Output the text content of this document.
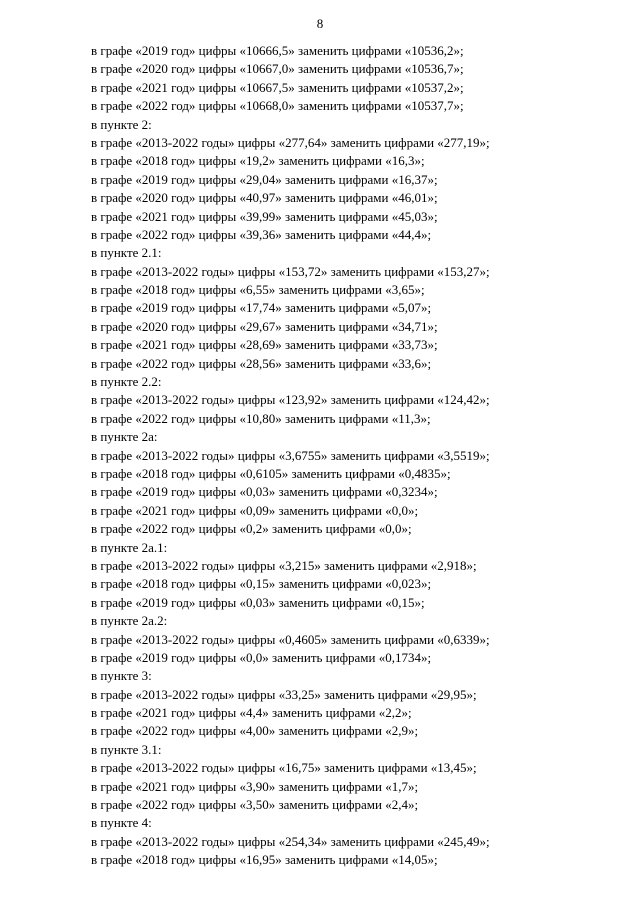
8
в графе «2019 год» цифры «10666,5» заменить цифрами «10536,2»;
в графе «2020 год» цифры «10667,0» заменить цифрами «10536,7»;
в графе «2021 год» цифры «10667,5» заменить цифрами «10537,2»;
в графе «2022 год» цифры «10668,0» заменить цифрами «10537,7»;
в пункте 2:
в графе «2013-2022 годы» цифры «277,64» заменить цифрами «277,19»;
в графе «2018 год» цифры «19,2» заменить цифрами «16,3»;
в графе «2019 год» цифры «29,04» заменить цифрами «16,37»;
в графе «2020 год» цифры «40,97» заменить цифрами «46,01»;
в графе «2021 год» цифры «39,99» заменить цифрами «45,03»;
в графе «2022 год» цифры «39,36» заменить цифрами «44,4»;
в пункте 2.1:
в графе «2013-2022 годы» цифры «153,72» заменить цифрами «153,27»;
в графе «2018 год» цифры «6,55» заменить цифрами «3,65»;
в графе «2019 год» цифры «17,74» заменить цифрами «5,07»;
в графе «2020 год» цифры «29,67» заменить цифрами «34,71»;
в графе «2021 год» цифры «28,69» заменить цифрами «33,73»;
в графе «2022 год» цифры «28,56» заменить цифрами «33,6»;
в пункте 2.2:
в графе «2013-2022 годы» цифры «123,92» заменить цифрами «124,42»;
в графе «2022 год» цифры «10,80» заменить цифрами «11,3»;
в пункте 2а:
в графе «2013-2022 годы» цифры «3,6755» заменить цифрами «3,5519»;
в графе «2018 год» цифры «0,6105» заменить цифрами «0,4835»;
в графе «2019 год» цифры «0,03» заменить цифрами «0,3234»;
в графе «2021 год» цифры «0,09» заменить цифрами «0,0»;
в графе «2022 год» цифры «0,2» заменить цифрами «0,0»;
в пункте 2а.1:
в графе «2013-2022 годы» цифры «3,215» заменить цифрами «2,918»;
в графе «2018 год» цифры «0,15» заменить цифрами «0,023»;
в графе «2019 год» цифры «0,03» заменить цифрами «0,15»;
в пункте 2а.2:
в графе «2013-2022 годы» цифры «0,4605» заменить цифрами «0,6339»;
в графе «2019 год» цифры «0,0» заменить цифрами «0,1734»;
в пункте 3:
в графе «2013-2022 годы» цифры «33,25» заменить цифрами «29,95»;
в графе «2021 год» цифры «4,4» заменить цифрами «2,2»;
в графе «2022 год» цифры «4,00» заменить цифрами «2,9»;
в пункте 3.1:
в графе «2013-2022 годы» цифры «16,75» заменить цифрами «13,45»;
в графе «2021 год» цифры «3,90» заменить цифрами «1,7»;
в графе «2022 год» цифры «3,50» заменить цифрами «2,4»;
в пункте 4:
в графе «2013-2022 годы» цифры «254,34» заменить цифрами «245,49»;
в графе «2018 год» цифры «16,95» заменить цифрами «14,05»;
